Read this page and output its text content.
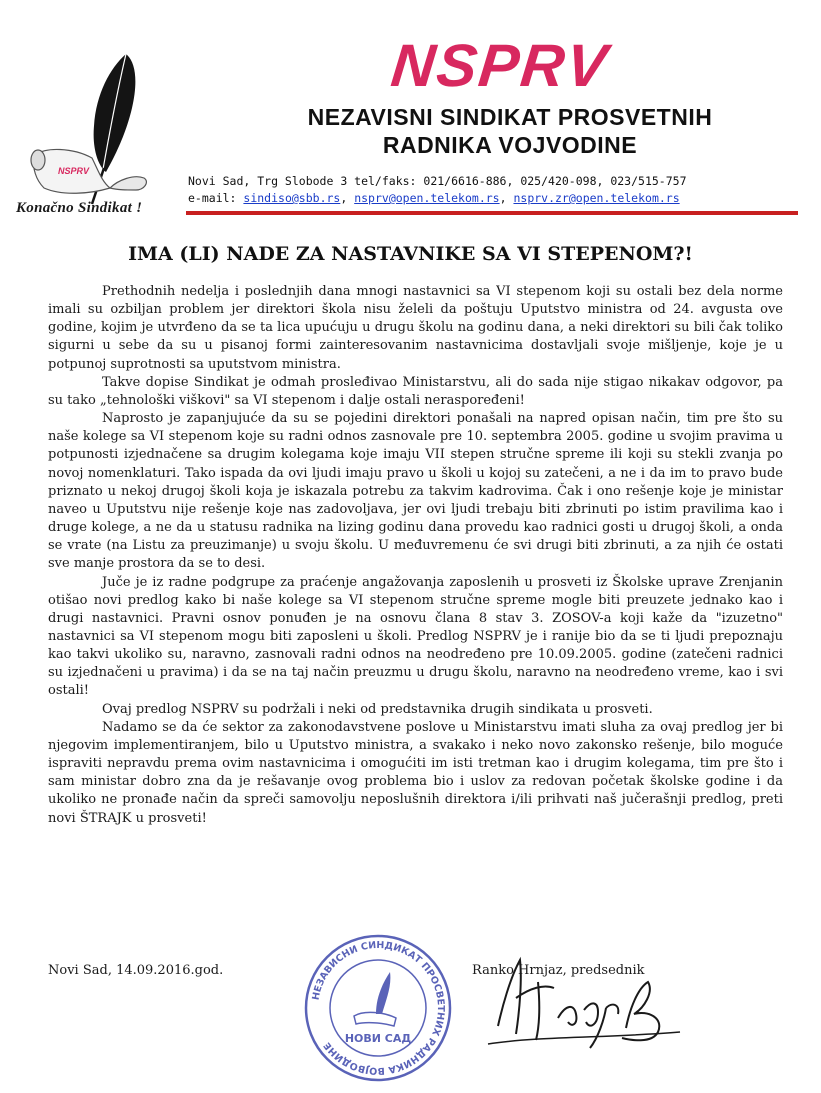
NSPRV
Konačno Sindikat !
NSPRV
NEZAVISNI SINDIKAT PROSVETNIH
RADNIKA VOJVODINE
Novi Sad, Trg Slobode 3 tel/faks: 021/6616-886, 025/420-098, 023/515-757
e-mail: sindiso@sbb.rs, nsprv@open.telekom.rs, nsprv.zr@open.telekom.rs
IMA (LI) NADE ZA NASTAVNIKE SA VI STEPENOM?!

Prethodnih nedelja i poslednjih dana mnogi nastavnici sa VI stepenom koji su ostali bez dela norme imali su ozbiljan problem jer direktori škola nisu želeli da poštuju Uputstvo ministra od 24. avgusta ove godine, kojim je utvrđeno da se ta lica upućuju u drugu školu na godinu dana, a neki direktori su bili čak toliko sigurni u sebe da su u pisanoj formi zainteresovanim nastavnicima dostavljali svoje mišljenje, koje je u potpunoj suprotnosti sa uputstvom ministra.

Takve dopise Sindikat je odmah prosleđivao Ministarstvu, ali do sada nije stigao nikakav odgovor, pa su tako „tehnološki viškovi" sa VI stepenom i dalje ostali neraspoređeni!

Naprosto je zapanjujuće da su se pojedini direktori ponašali na napred opisan način, tim pre što su naše kolege sa VI stepenom koje su radni odnos zasnovale pre 10. septembra 2005. godine u svojim pravima u potpunosti izjednačene sa drugim kolegama koje imaju VII stepen stručne spreme ili koji su stekli zvanja po novoj nomenklaturi. Tako ispada da ovi ljudi imaju pravo u školi u kojoj su zatečeni, a ne i da im to pravo bude priznato u nekoj drugoj školi koja je iskazala potrebu za takvim kadrovima. Čak i ono rešenje koje je ministar naveo u Uputstvu nije rešenje koje nas zadovoljava, jer ovi ljudi trebaju biti zbrinuti po istim pravilima kao i druge kolege, a ne da u statusu radnika na lizing godinu dana provedu kao radnici gosti u drugoj školi, a onda se vrate (na Listu za preuzimanje) u svoju školu. U međuvremenu će svi drugi biti zbrinuti, a za njih će ostati sve manje prostora da se to desi.

Juče je iz radne podgrupe za praćenje angažovanja zaposlenih u prosveti iz Školske uprave Zrenjanin otišao novi predlog kako bi naše kolege sa VI stepenom stručne spreme mogle biti preuzete jednako kao i drugi nastavnici. Pravni osnov ponuđen je na osnovu člana 8 stav 3. ZOSOV-a koji kaže da "izuzetno" nastavnici sa VI stepenom mogu biti zaposleni u školi. Predlog NSPRV je i ranije bio da se ti ljudi prepoznaju kao takvi ukoliko su, naravno, zasnovali radni odnos na neodređeno pre 10.09.2005. godine (zatečeni radnici su izjednačeni u pravima) i da se na taj način preuzmu u drugu školu, naravno na neodređeno vreme, kao i svi ostali!

Ovaj predlog NSPRV su podržali i neki od predstavnika drugih sindikata u prosveti.

Nadamo se da će sektor za zakonodavstvene poslove u Ministarstvu imati sluha za ovaj predlog jer bi njegovim implementiranjem, bilo u Uputstvo ministra, a svakako i neko novo zakonsko rešenje, bilo moguće ispraviti nepravdu prema ovim nastavnicima i omogućiti im isti tretman kao i drugim kolegama, tim pre što i sam ministar dobro zna da je rešavanje ovog problema bio i uslov za redovan početak školske godine i da ukoliko ne pronađe način da spreči samovolju neposlušnih direktora i/ili prihvati naš jučerašnji predlog, preti novi ŠTRAJK u prosveti!

Novi Sad, 14.09.2016.god.
НЕЗАВИСНИ СИНДИКАТ ПРОСВЕТНИХ РАДНИКА ВОЈВОДИНЕ
НОВИ САД
Ranko Hrnjaz, predsednik
